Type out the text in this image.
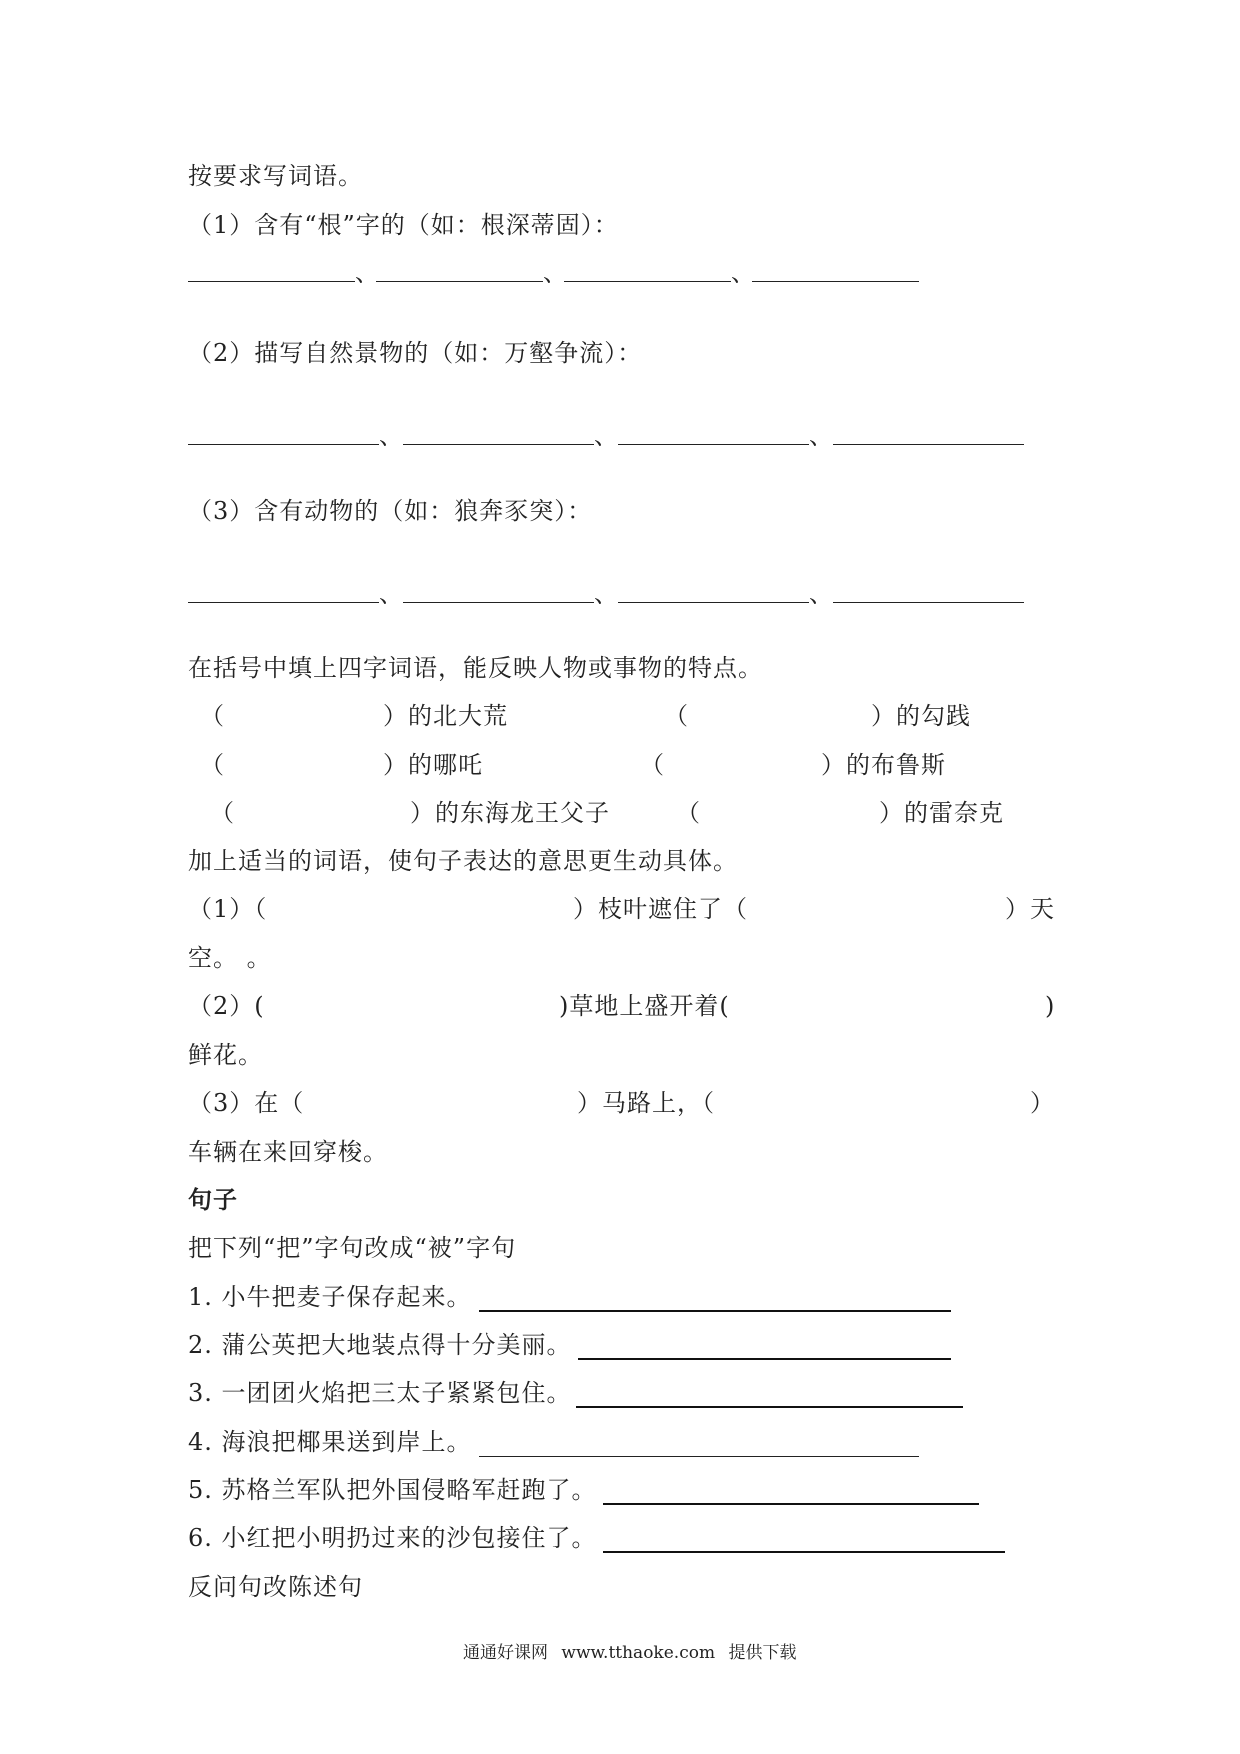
按要求写词语。
（1）含有“根”字的（如：根深蒂固）：
、	、	、
（2）描写自然景物的（如：万壑争流）：
、	、	、
（3）含有动物的（如：狼奔豕突）：
、	、	、
在括号中填上四字词语，能反映人物或事物的特点。
（	）的北大荒	（	）的勾践
（	）的哪吒	（	）的布鲁斯
（	）的东海龙王父子	（	）的雷奈克
加上适当的词语，使句子表达的意思更生动具体。
（1）（	）枝叶遮住了（	）天
空。 。
（2）(	)草地上盛开着(	)
鲜花。
（3）在（	）马路上，（	）
车辆在来回穿梭。
句子
把下列“把”字句改成“被”字句
1. 小牛把麦子保存起来。
2. 蒲公英把大地装点得十分美丽。
3. 一团团火焰把三太子紧紧包住。
4. 海浪把椰果送到岸上。
5. 苏格兰军队把外国侵略军赶跑了。
6. 小红把小明扔过来的沙包接住了。
反问句改陈述句
通通好课网 www.tthaoke.com 提供下载
